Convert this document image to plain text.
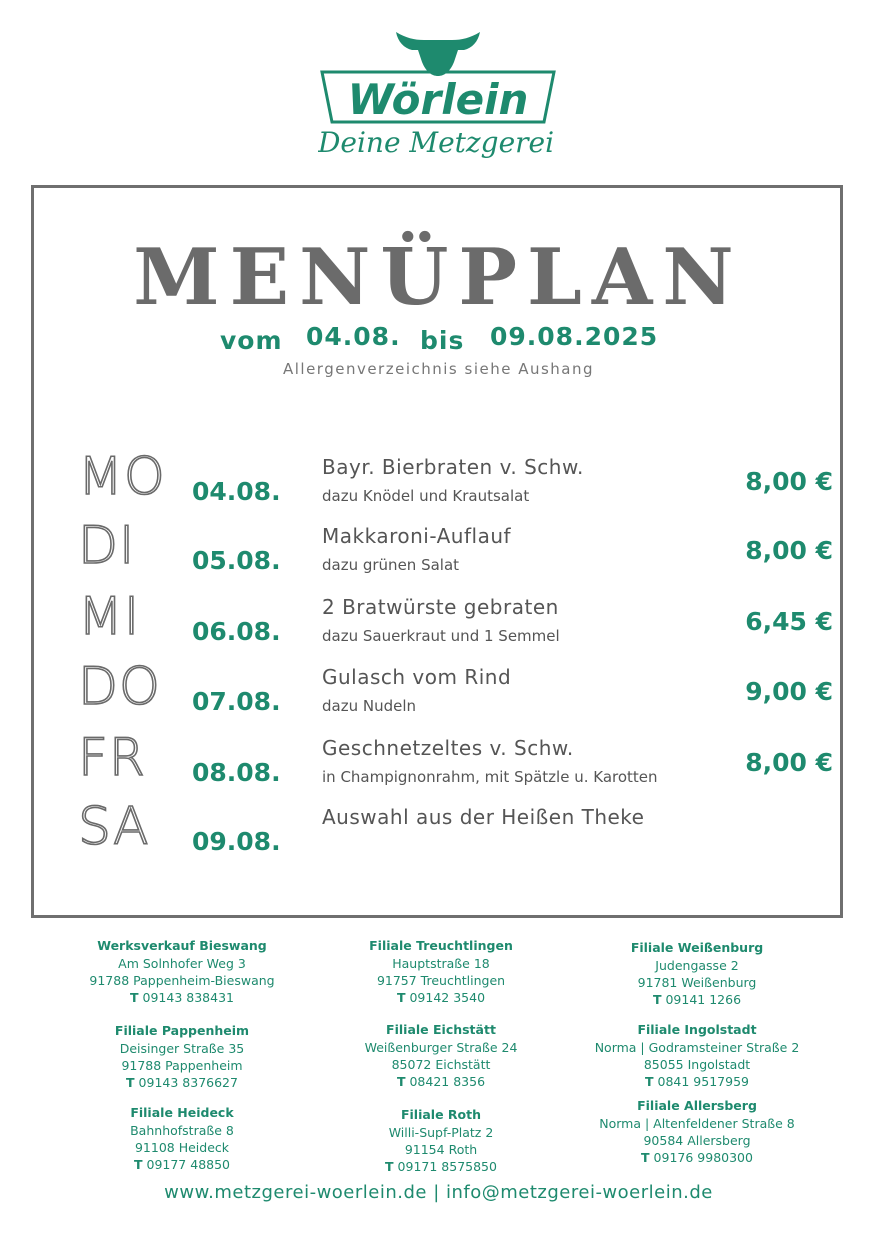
Wörlein
Deine Metzgerei
MENÜPLAN
vom 04.08. bis 09.08.2025
Allergenverzeichnis siehe Aushang
MO 04.08.
Bayr. Bierbraten v. Schw.
dazu Knödel und Krautsalat	8,00 €
DI 05.08.
Makkaroni-Auflauf
dazu grünen Salat	8,00 €
MI 06.08.
2 Bratwürste gebraten
dazu Sauerkraut und 1 Semmel	6,45 €
DO 07.08.
Gulasch vom Rind
dazu Nudeln	9,00 €
FR 08.08.
Geschnetzeltes v. Schw.
in Champignonrahm, mit Spätzle u. Karotten	8,00 €
SA 09.08.
Auswahl aus der Heißen Theke
Werksverkauf Bieswang
Am Solnhofer Weg 3
91788 Pappenheim-Bieswang
T 09143 838431
Filiale Treuchtlingen
Hauptstraße 18
91757 Treuchtlingen
T 09142 3540
Filiale Weißenburg
Judengasse 2
91781 Weißenburg
T 09141 1266
Filiale Pappenheim
Deisinger Straße 35
91788 Pappenheim
T 09143 8376627
Filiale Eichstätt
Weißenburger Straße 24
85072 Eichstätt
T 08421 8356
Filiale Ingolstadt
Norma | Godramsteiner Straße 2
85055 Ingolstadt
T 0841 9517959
Filiale Heideck
Bahnhofstraße 8
91108 Heideck
T 09177 48850
Filiale Roth
Willi-Supf-Platz 2
91154 Roth
T 09171 8575850
Filiale Allersberg
Norma | Altenfeldener Straße 8
90584 Allersberg
T 09176 9980300
www.metzgerei-woerlein.de | info@metzgerei-woerlein.de
